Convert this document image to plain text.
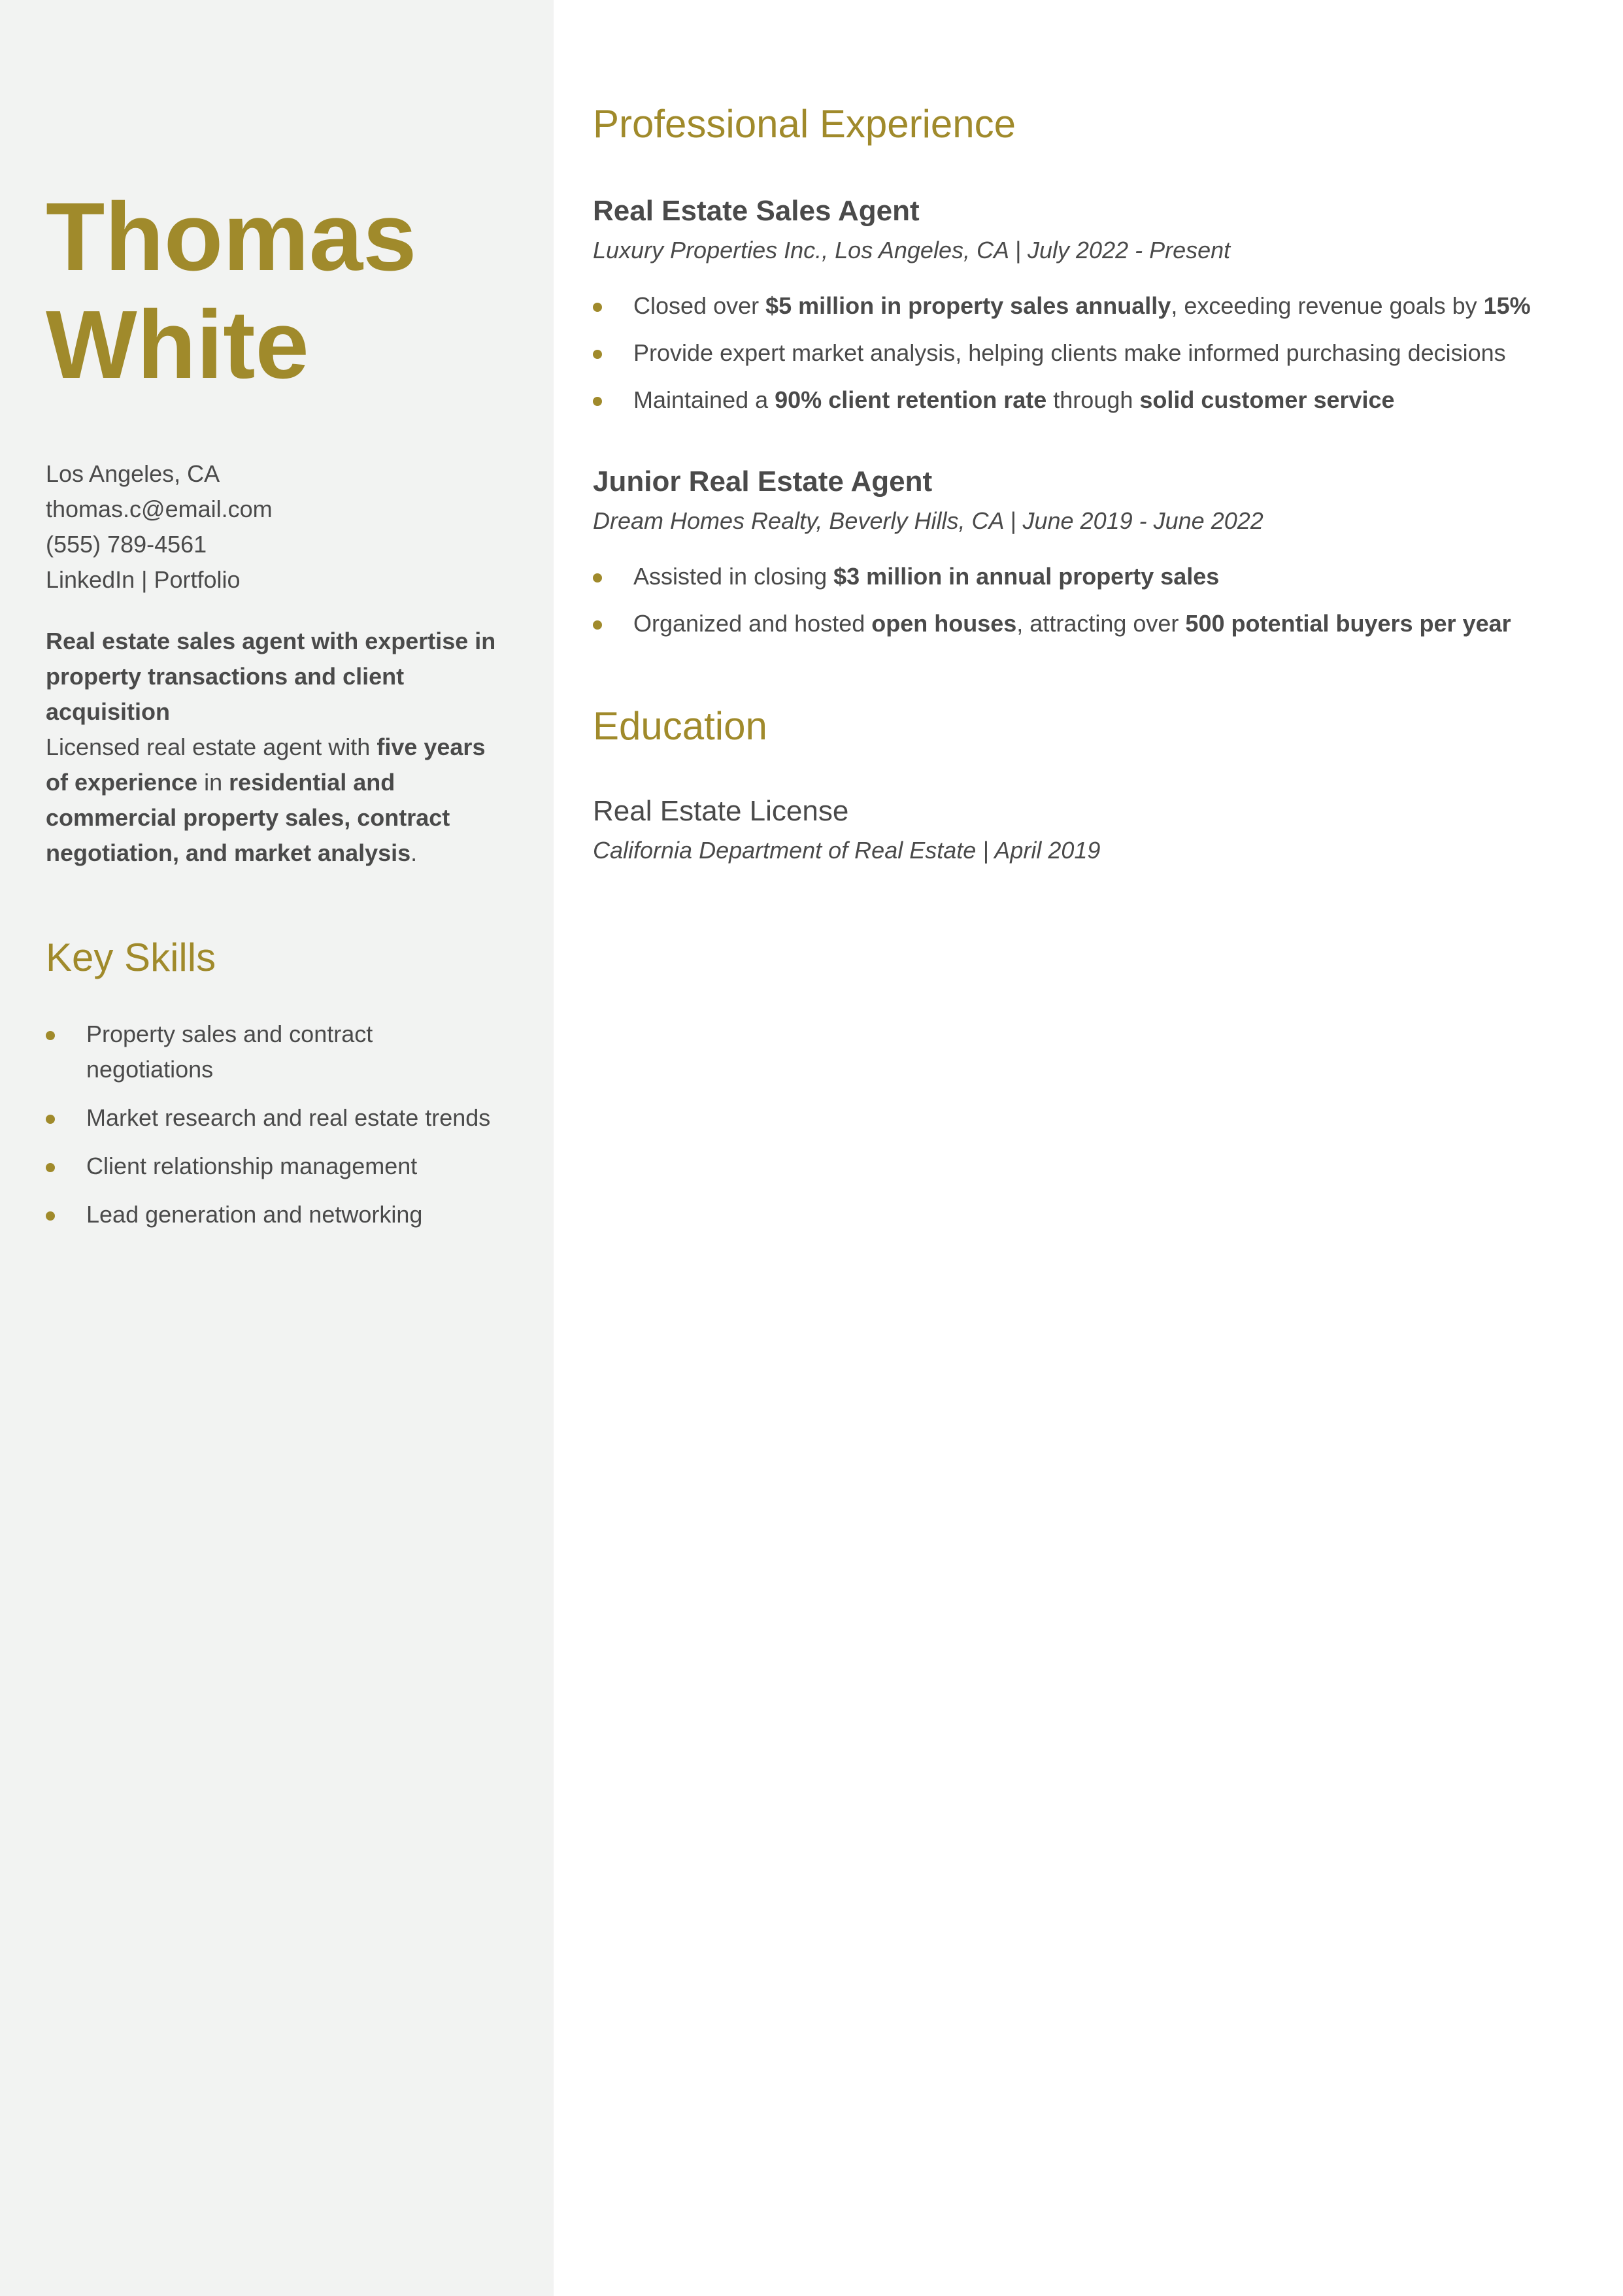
Thomas
White
Los Angeles, CA
thomas.c@email.com
(555) 789-4561
LinkedIn | Portfolio
Real estate sales agent with expertise in property transactions and client acquisition
Licensed real estate agent with five years of experience in residential and commercial property sales, contract negotiation, and market analysis.
Key Skills
Property sales and contract negotiations
Market research and real estate trends
Client relationship management
Lead generation and networking
Professional Experience
Real Estate Sales Agent
Luxury Properties Inc., Los Angeles, CA | July 2022 - Present
Closed over $5 million in property sales annually, exceeding revenue goals by 15%
Provide expert market analysis, helping clients make informed purchasing decisions
Maintained a 90% client retention rate through solid customer service
Junior Real Estate Agent
Dream Homes Realty, Beverly Hills, CA | June 2019 - June 2022
Assisted in closing $3 million in annual property sales
Organized and hosted open houses, attracting over 500 potential buyers per year
Education
Real Estate License
California Department of Real Estate | April 2019
